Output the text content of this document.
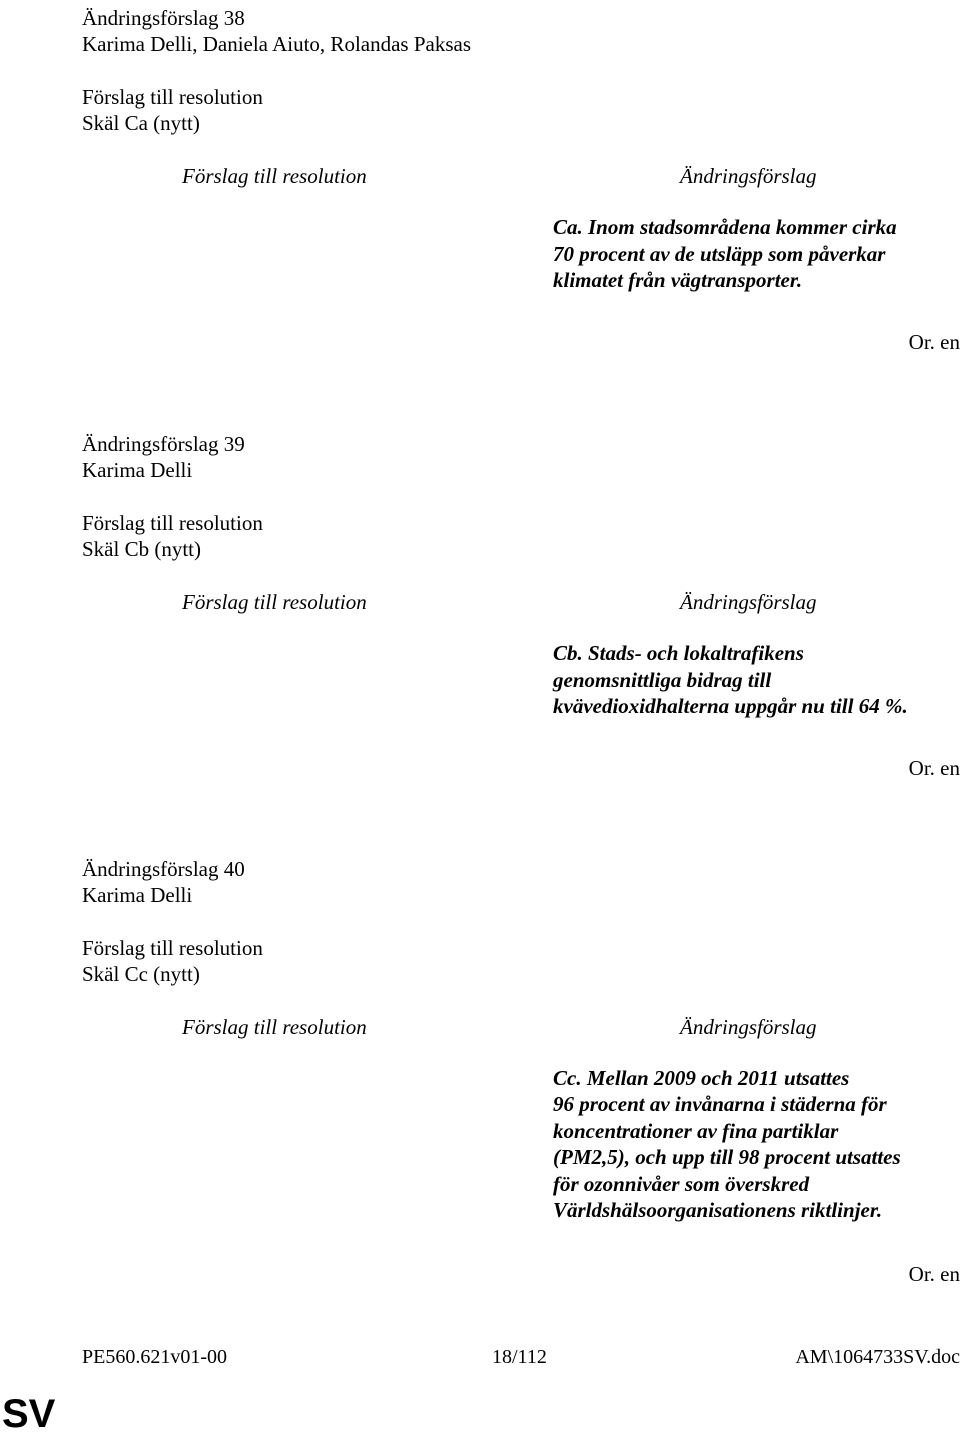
Ändringsförslag 38
Karima Delli, Daniela Aiuto, Rolandas Paksas
Förslag till resolution
Skäl Ca (nytt)
Förslag till resolution	Ändringsförslag
Ca. Inom stadsområdena kommer cirka
70 procent av de utsläpp som påverkar
klimatet från vägtransporter.
Or. en
Ändringsförslag 39
Karima Delli
Förslag till resolution
Skäl Cb (nytt)
Förslag till resolution	Ändringsförslag
Cb. Stads- och lokaltrafikens
genomsnittliga bidrag till
kvävedioxidhalterna uppgår nu till 64 %.
Or. en
Ändringsförslag 40
Karima Delli
Förslag till resolution
Skäl Cc (nytt)
Förslag till resolution	Ändringsförslag
Cc. Mellan 2009 och 2011 utsattes
96 procent av invånarna i städerna för
koncentrationer av fina partiklar
(PM2,5), och upp till 98 procent utsattes
för ozonnivåer som överskred
Världshälsoorganisationens riktlinjer.
Or. en
PE560.621v01-00	18/112	AM\1064733SV.doc
SV
